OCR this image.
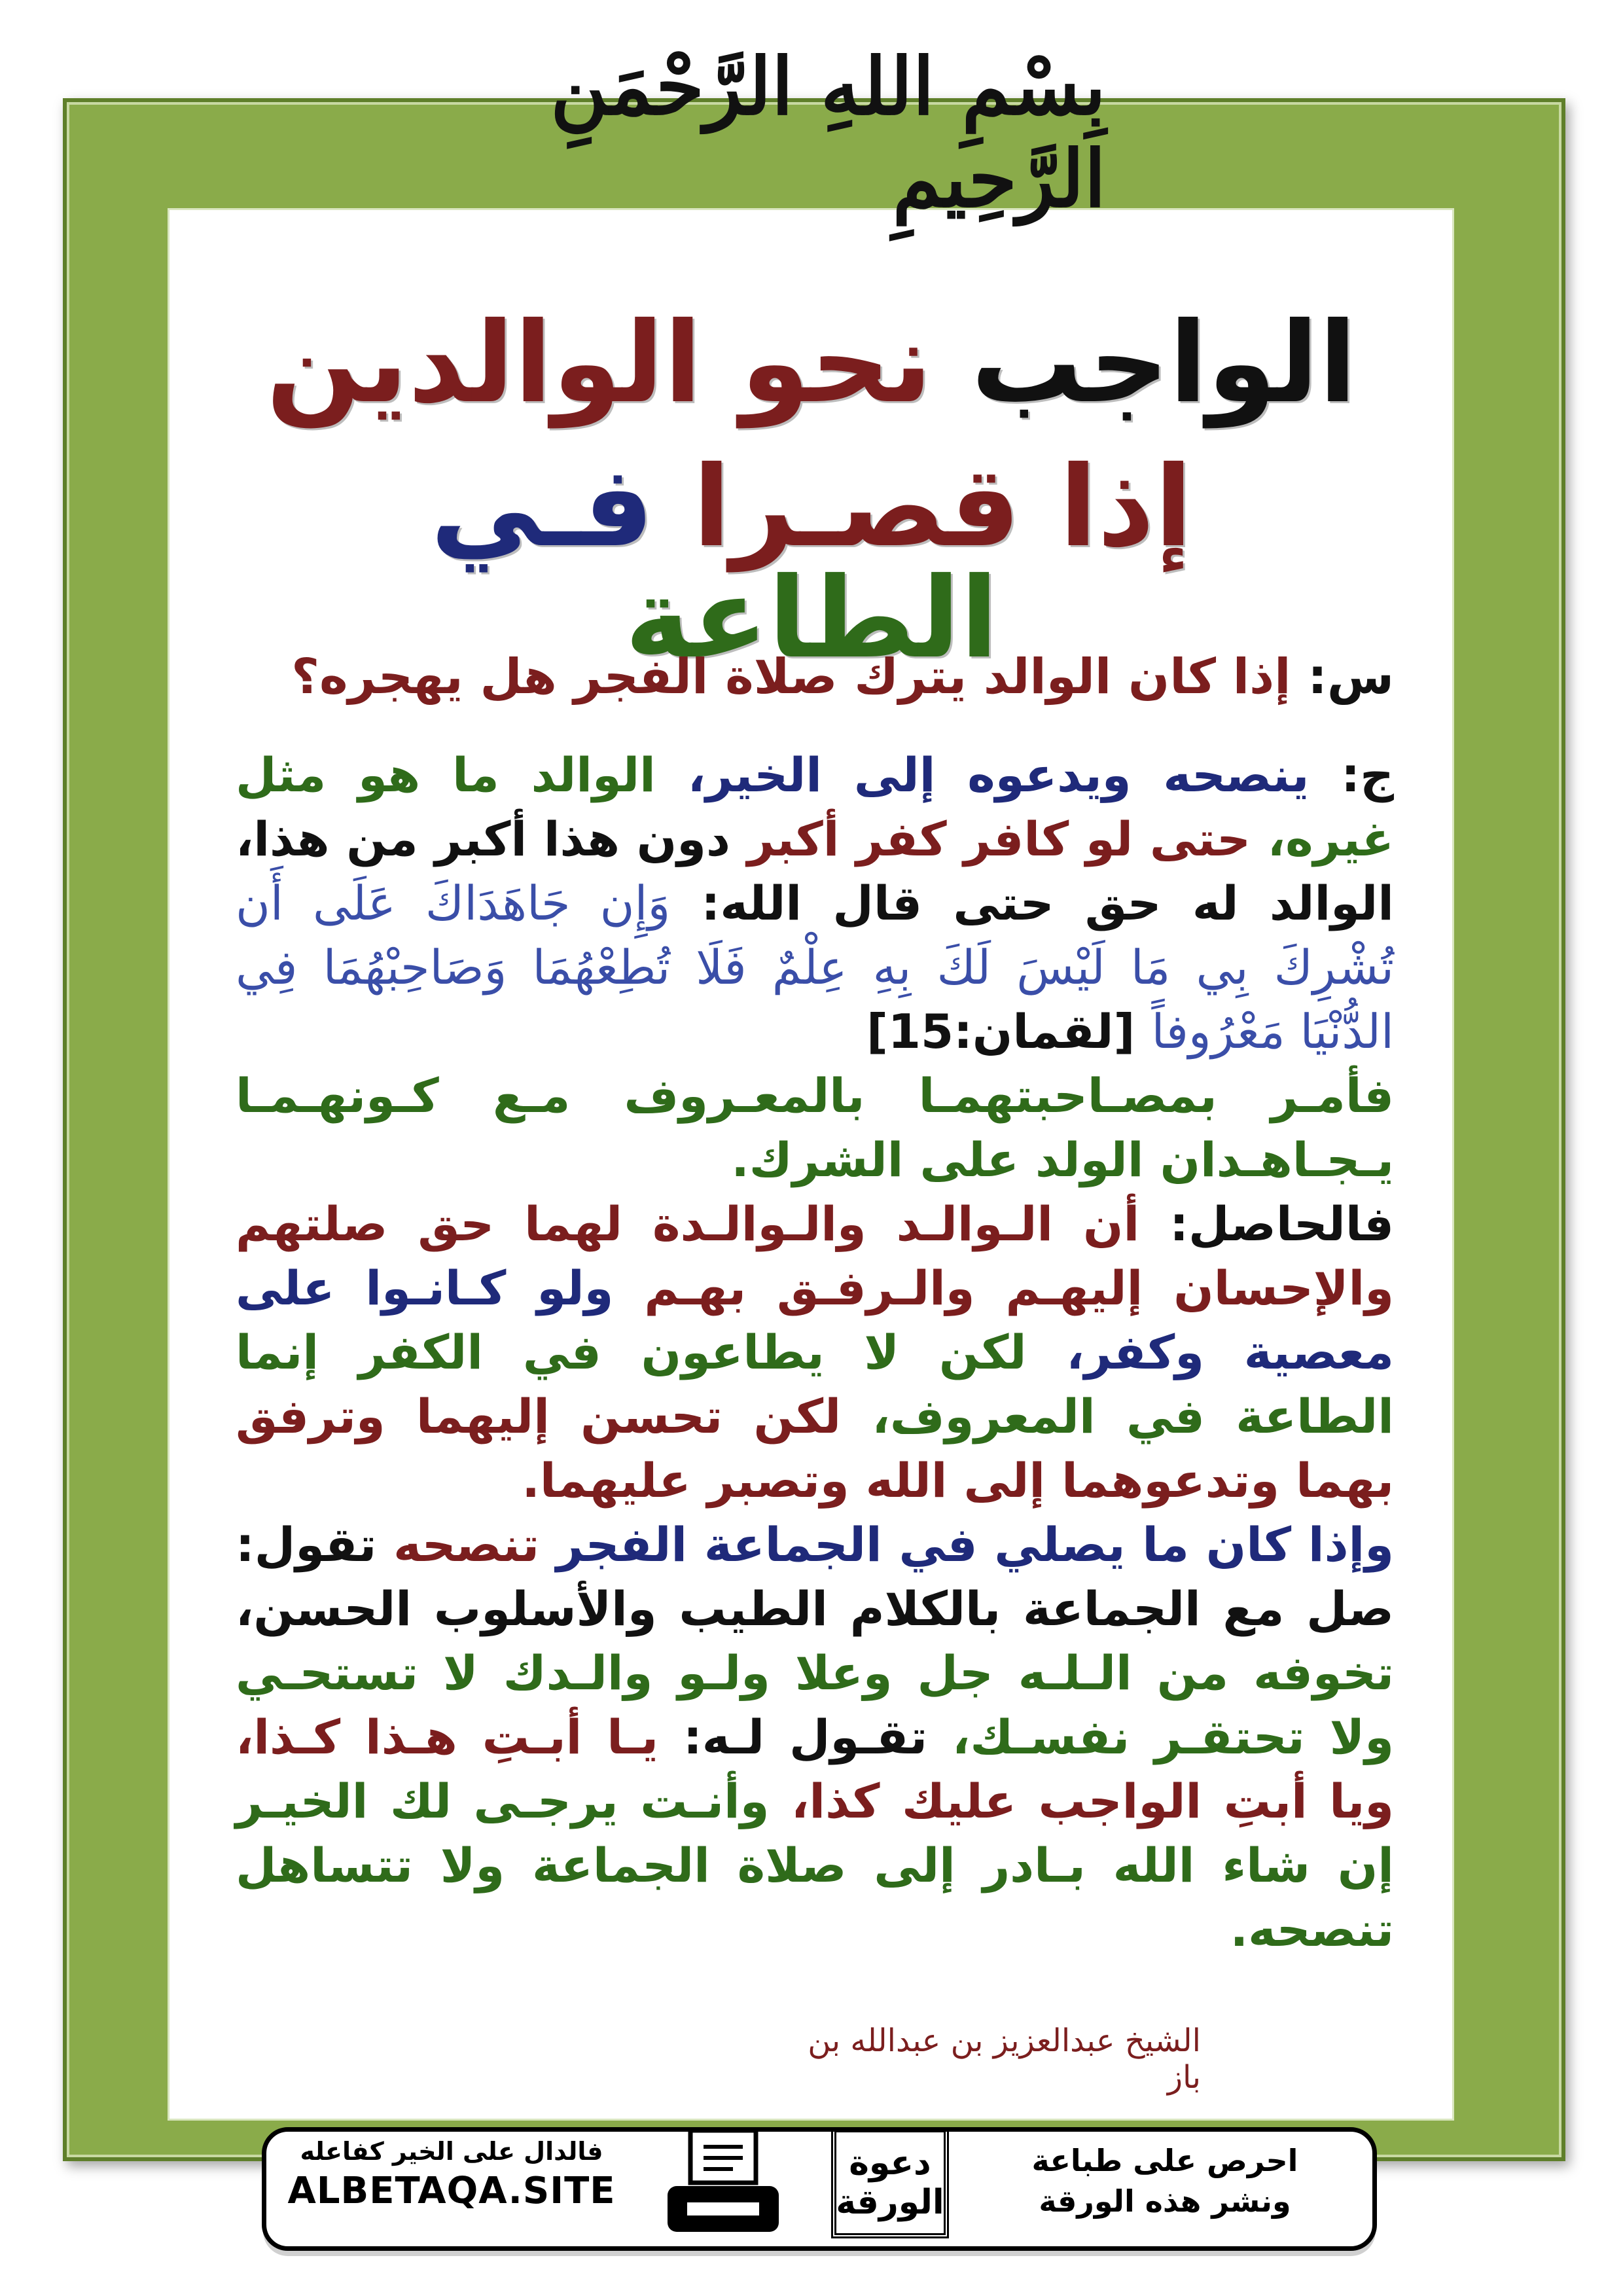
بِسْمِ اللهِ الرَّحْمَنِ الرَّحِيمِ
الواجب نحو الوالدين
إذا قصـرا فـي الطاعة	س: إذا كان الوالد يترك صلاة الفجر هل يهجره؟
ج: ينصحه ويدعوه إلى الخير، الوالد ما هو مثل غيره، حتى لو كافر كفر أكبر دون هذا أكبر من هذا، الوالد له حق حتى قال الله: وَإِن جَاهَدَاكَ عَلَى أَن تُشْرِكَ بِي مَا لَيْسَ لَكَ بِهِ عِلْمٌ فَلَا تُطِعْهُمَا وَصَاحِبْهُمَا فِي الدُّنْيَا مَعْرُوفاً [لقمان:15]
فأمـر بمصـاحبتهمـا بالمعـروف مـع كـونهـمـا يـجـاهـدان الولد على الشرك.
فالحاصل: أن الـوالـد والـوالـدة لهما حق صلتهم والإحسان إليهـم والـرفـق بهـم ولو كـانـوا على معصية وكفر، لكن لا يطاعون في الكفر إنما الطاعة في المعروف، لكن تحسن إليهما وترفق بهما وتدعوهما إلى الله وتصبر عليهما.
وإذا كان ما يصلي في الجماعة الفجر تنصحه تقول: صل مع الجماعة بالكلام الطيب والأسلوب الحسن، تخوفه من الـلـه جل وعلا ولـو والـدك لا تستحـي ولا تحتقـر نفسـك، تقـول لـه: يـا أبـتِ هـذا كـذا، ويا أبتِ الواجب عليك كذا، وأنـت يرجـى لك الخيـر إن شاء الله بـادر إلى صلاة الجماعة ولا تتساهل تنصحه.
الشيخ عبدالعزيز بن عبدالله بن باز
فالدال على الخير كفاعله
ALBETAQA.SITE
دعوة الورقة
احرص على طباعة
ونشر هذه الورقة
